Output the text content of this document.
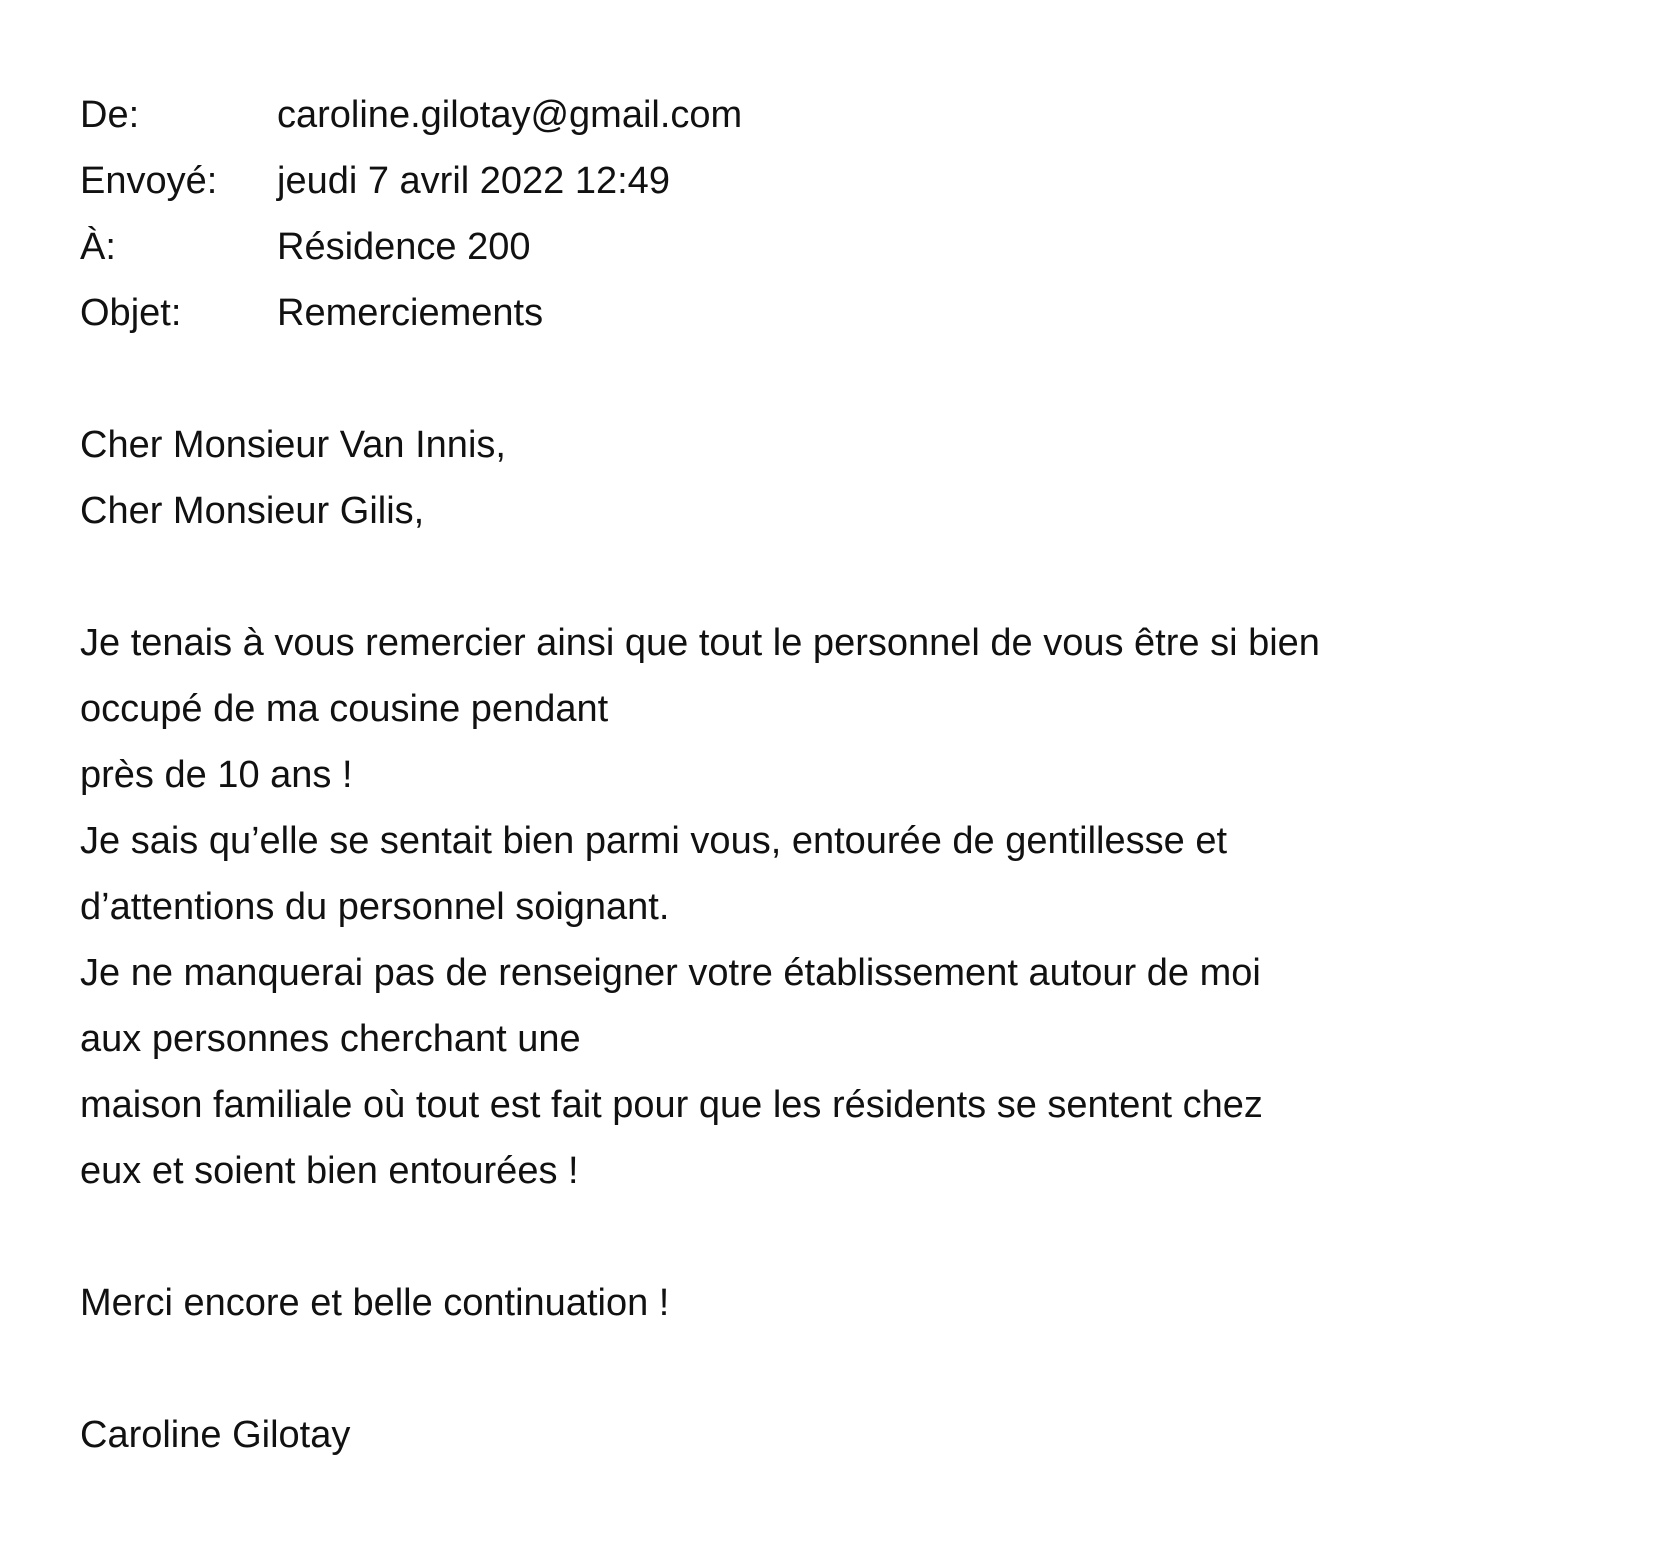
De:	caroline.gilotay@gmail.com
Envoyé:	jeudi 7 avril 2022 12:49
À:	Résidence 200
Objet:	Remerciements
Cher Monsieur Van Innis,
Cher Monsieur Gilis,
Je tenais à vous remercier ainsi que tout le personnel de vous être si bien
occupé de ma cousine pendant
près de 10 ans !
Je sais qu’elle se sentait bien parmi vous, entourée de gentillesse et
d’attentions du personnel soignant.
Je ne manquerai pas de renseigner votre établissement autour de moi
aux personnes cherchant une
maison familiale où tout est fait pour que les résidents se sentent chez
eux et soient bien entourées !
Merci encore et belle continuation !
Caroline Gilotay
